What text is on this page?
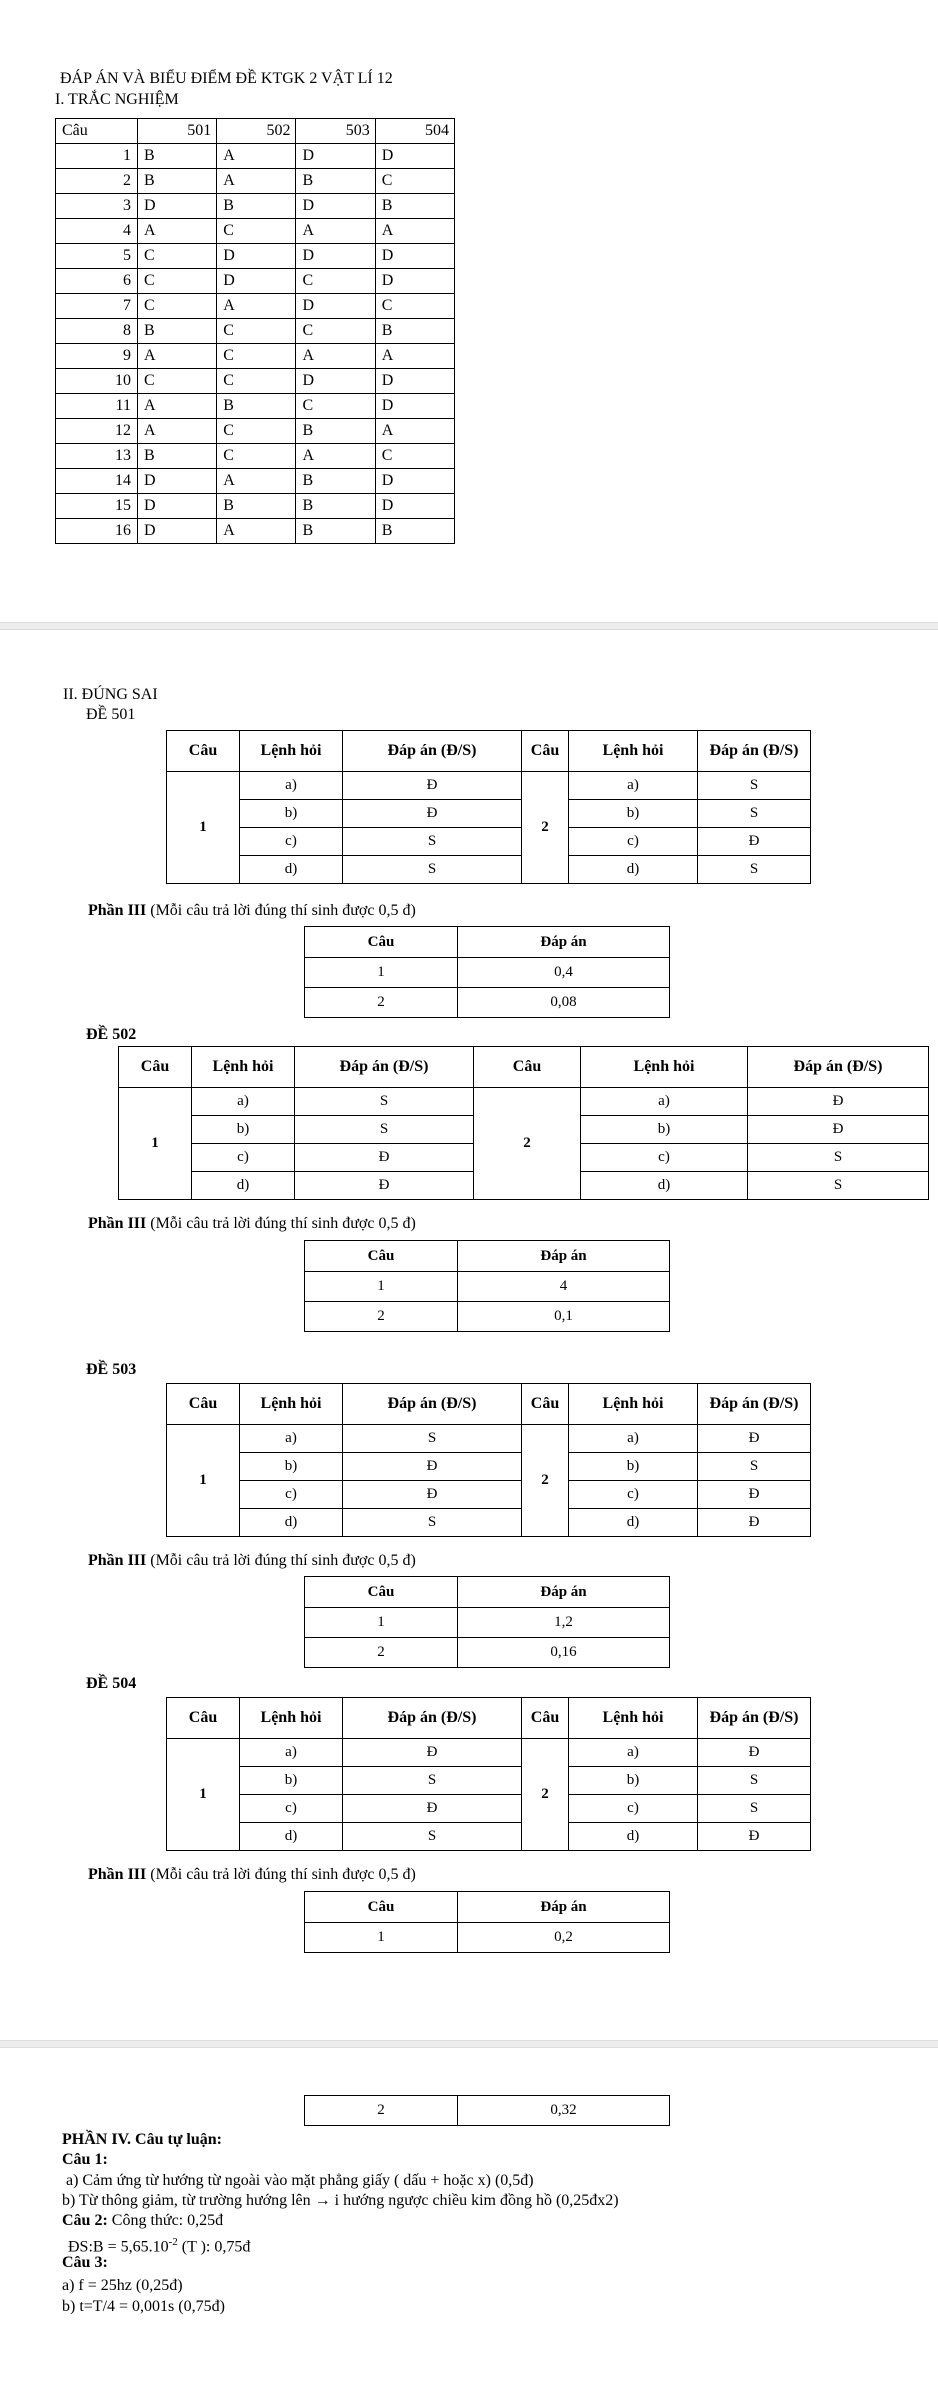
ĐÁP ÁN VÀ BIỂU ĐIỂM ĐỀ KTGK 2 VẬT LÍ 12
I. TRẮC NGHIỆM
Câu	501	502	503	504
1	B	A	D	D
2	B	A	B	C
3	D	B	D	B
4	A	C	A	A
5	C	D	D	D
6	C	D	C	D
7	C	A	D	C
8	B	C	C	B
9	A	C	A	A
10	C	C	D	D
11	A	B	C	D
12	A	C	B	A
13	B	C	A	C
14	D	A	B	D
15	D	B	B	D
16	D	A	B	B
II. ĐÚNG SAI
ĐỀ 501
Câu	Lệnh hỏi	Đáp án (Đ/S)	Câu	Lệnh hỏi	Đáp án (Đ/S)
1	a)	Đ	2	a)	S
	b)	Đ		b)	S
	c)	S		c)	Đ
	d)	S		d)	S
Phần III (Mỗi câu trả lời đúng thí sinh được 0,5 đ)
Câu	Đáp án
1	0,4
2	0,08
ĐỀ 502
Câu	Lệnh hỏi	Đáp án (Đ/S)	Câu	Lệnh hỏi	Đáp án (Đ/S)
1	a)	S	2	a)	Đ
	b)	S		b)	Đ
	c)	Đ		c)	S
	d)	Đ		d)	S
Phần III (Mỗi câu trả lời đúng thí sinh được 0,5 đ)
Câu	Đáp án
1	4
2	0,1
ĐỀ 503
Câu	Lệnh hỏi	Đáp án (Đ/S)	Câu	Lệnh hỏi	Đáp án (Đ/S)
1	a)	S	2	a)	Đ
	b)	Đ		b)	S
	c)	Đ		c)	Đ
	d)	S		d)	Đ
Phần III (Mỗi câu trả lời đúng thí sinh được 0,5 đ)
Câu	Đáp án
1	1,2
2	0,16
ĐỀ 504
Câu	Lệnh hỏi	Đáp án (Đ/S)	Câu	Lệnh hỏi	Đáp án (Đ/S)
1	a)	Đ	2	a)	Đ
	b)	S		b)	S
	c)	Đ		c)	S
	d)	S		d)	Đ
Phần III (Mỗi câu trả lời đúng thí sinh được 0,5 đ)
Câu	Đáp án
1	0,2
2	0,32
PHẦN IV. Câu tự luận:
Câu 1:
a) Cảm ứng từ hướng từ ngoài vào mặt phẳng giấy ( dấu + hoặc x) (0,5đ)
b) Từ thông giảm, từ trường hướng lên → i hướng ngược chiều kim đồng hồ (0,25đx2)
Câu 2: Công thức: 0,25đ
ĐS:B = $5,65.10^{-2}$ (T ): 0,75đ
Câu 3:
a) f = 25hz (0,25đ)
b) t=T/4 = 0,001s (0,75đ)
